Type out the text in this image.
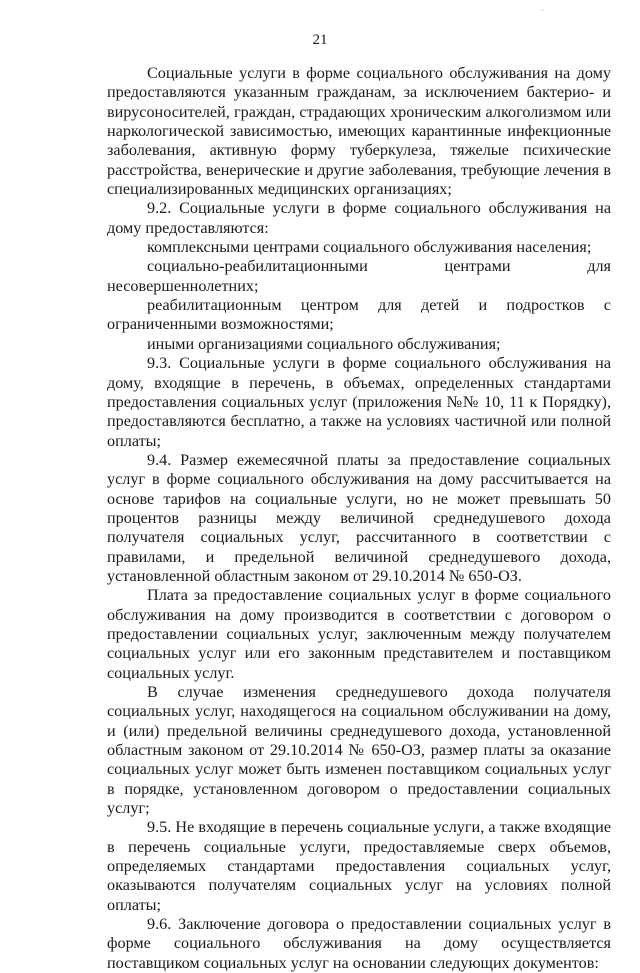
·
21

Социальные услуги в форме социального обслуживания на дому предоставляются указанным гражданам, за исключением бактерио- и вирусоносителей, граждан, страдающих хроническим алкоголизмом или наркологической зависимостью, имеющих карантинные инфекционные заболевания, активную форму туберкулеза, тяжелые психические расстройства, венерические и другие заболевания, требующие лечения в специализированных медицинских организациях;

9.2. Социальные услуги в форме социального обслуживания на дому предоставляются:

комплексными центрами социального обслуживания населения;

социально-реабилитационными центрами для несовершеннолетних;

реабилитационным центром для детей и подростков с ограниченными возможностями;

иными организациями социального обслуживания;

9.3. Социальные услуги в форме социального обслуживания на дому, входящие в перечень, в объемах, определенных стандартами предоставления социальных услуг (приложения №№ 10, 11 к Порядку), предоставляются бесплатно, а также на условиях частичной или полной оплаты;

9.4. Размер ежемесячной платы за предоставление социальных услуг в форме социального обслуживания на дому рассчитывается на основе тарифов на социальные услуги, но не может превышать 50 процентов разницы между величиной среднедушевого дохода получателя социальных услуг, рассчитанного в соответствии с правилами, и предельной величиной среднедушевого дохода, установленной областным законом от 29.10.2014 № 650-ОЗ.

Плата за предоставление социальных услуг в форме социального обслуживания на дому производится в соответствии с договором о предоставлении социальных услуг, заключенным между получателем социальных услуг или его законным представителем и поставщиком социальных услуг.

В случае изменения среднедушевого дохода получателя социальных услуг, находящегося на социальном обслуживании на дому, и (или) предельной величины среднедушевого дохода, установленной областным законом от 29.10.2014 № 650-ОЗ, размер платы за оказание социальных услуг может быть изменен поставщиком социальных услуг в порядке, установленном договором о предоставлении социальных услуг;

9.5. Не входящие в перечень социальные услуги, а также входящие в перечень социальные услуги, предоставляемые сверх объемов, определяемых стандартами предоставления социальных услуг, оказываются получателям социальных услуг на условиях полной оплаты;

9.6. Заключение договора о предоставлении социальных услуг в форме социального обслуживания на дому осуществляется поставщиком социальных услуг на основании следующих документов:
